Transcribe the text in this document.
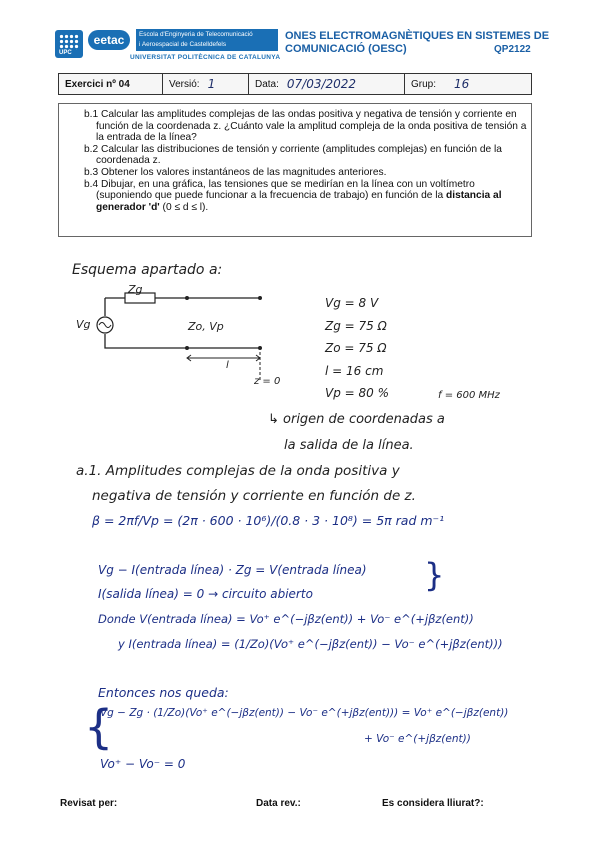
UPC
eetac	Escola d'Enginyeria de Telecomunicació
i Aeroespacial de Castelldefels
UNIVERSITAT POLITÈCNICA DE CATALUNYA
ONES ELECTROMAGNÈTIQUES EN SISTEMES DE
COMUNICACIÓ (OESC)	QP2122
Exercici nº 04	Versió: 1	Data: 07/03/2022	Grup: 16

b.1 Calcular las amplitudes complejas de las ondas positiva y negativa de tensión y corriente en función de la coordenada z. ¿Cuánto vale la amplitud compleja de la onda positiva de tensión a la entrada de la línea?

b.2 Calcular las distribuciones de tensión y corriente (amplitudes complejas) en función de la coordenada z.

b.3 Obtener los valores instantáneos de las magnitudes anteriores.

b.4 Dibujar, en una gráfica, las tensiones que se medirían en la línea con un voltímetro (suponiendo que puede funcionar a la frecuencia de trabajo) en función de la distancia al generador 'd' (0 ≤ d ≤ l).

Esquema apartado a:
Zg
Vg	Zo, Vp
l
z = 0
Vg = 8 V
Zg = 75 Ω
Zo = 75 Ω
l = 16 cm
Vp = 80 %	f = 600 MHz
↳ origen de coordenadas a
la salida de la línea.
a.1. Amplitudes complejas de la onda positiva y
negativa de tensión y corriente en función de z.
β = 2πf/Vp = (2π · 600 · 10⁶)/(0.8 · 3 · 10⁸) = 5π rad m⁻¹
Vg − I(entrada línea) · Zg = V(entrada línea)
I(salida línea) = 0 → circuito abierto	}
Donde V(entrada línea) = Vo⁺ e^(−jβz(ent)) + Vo⁻ e^(+jβz(ent))
y I(entrada línea) = (1/Zo)(Vo⁺ e^(−jβz(ent)) − Vo⁻ e^(+jβz(ent)))
Entonces nos queda:
{
Vg − Zg · (1/Zo)(Vo⁺ e^(−jβz(ent)) − Vo⁻ e^(+jβz(ent))) = Vo⁺ e^(−jβz(ent))
+ Vo⁻ e^(+jβz(ent))
Vo⁺ − Vo⁻ = 0
Revisat per:	Data rev.:	Es considera lliurat?:
